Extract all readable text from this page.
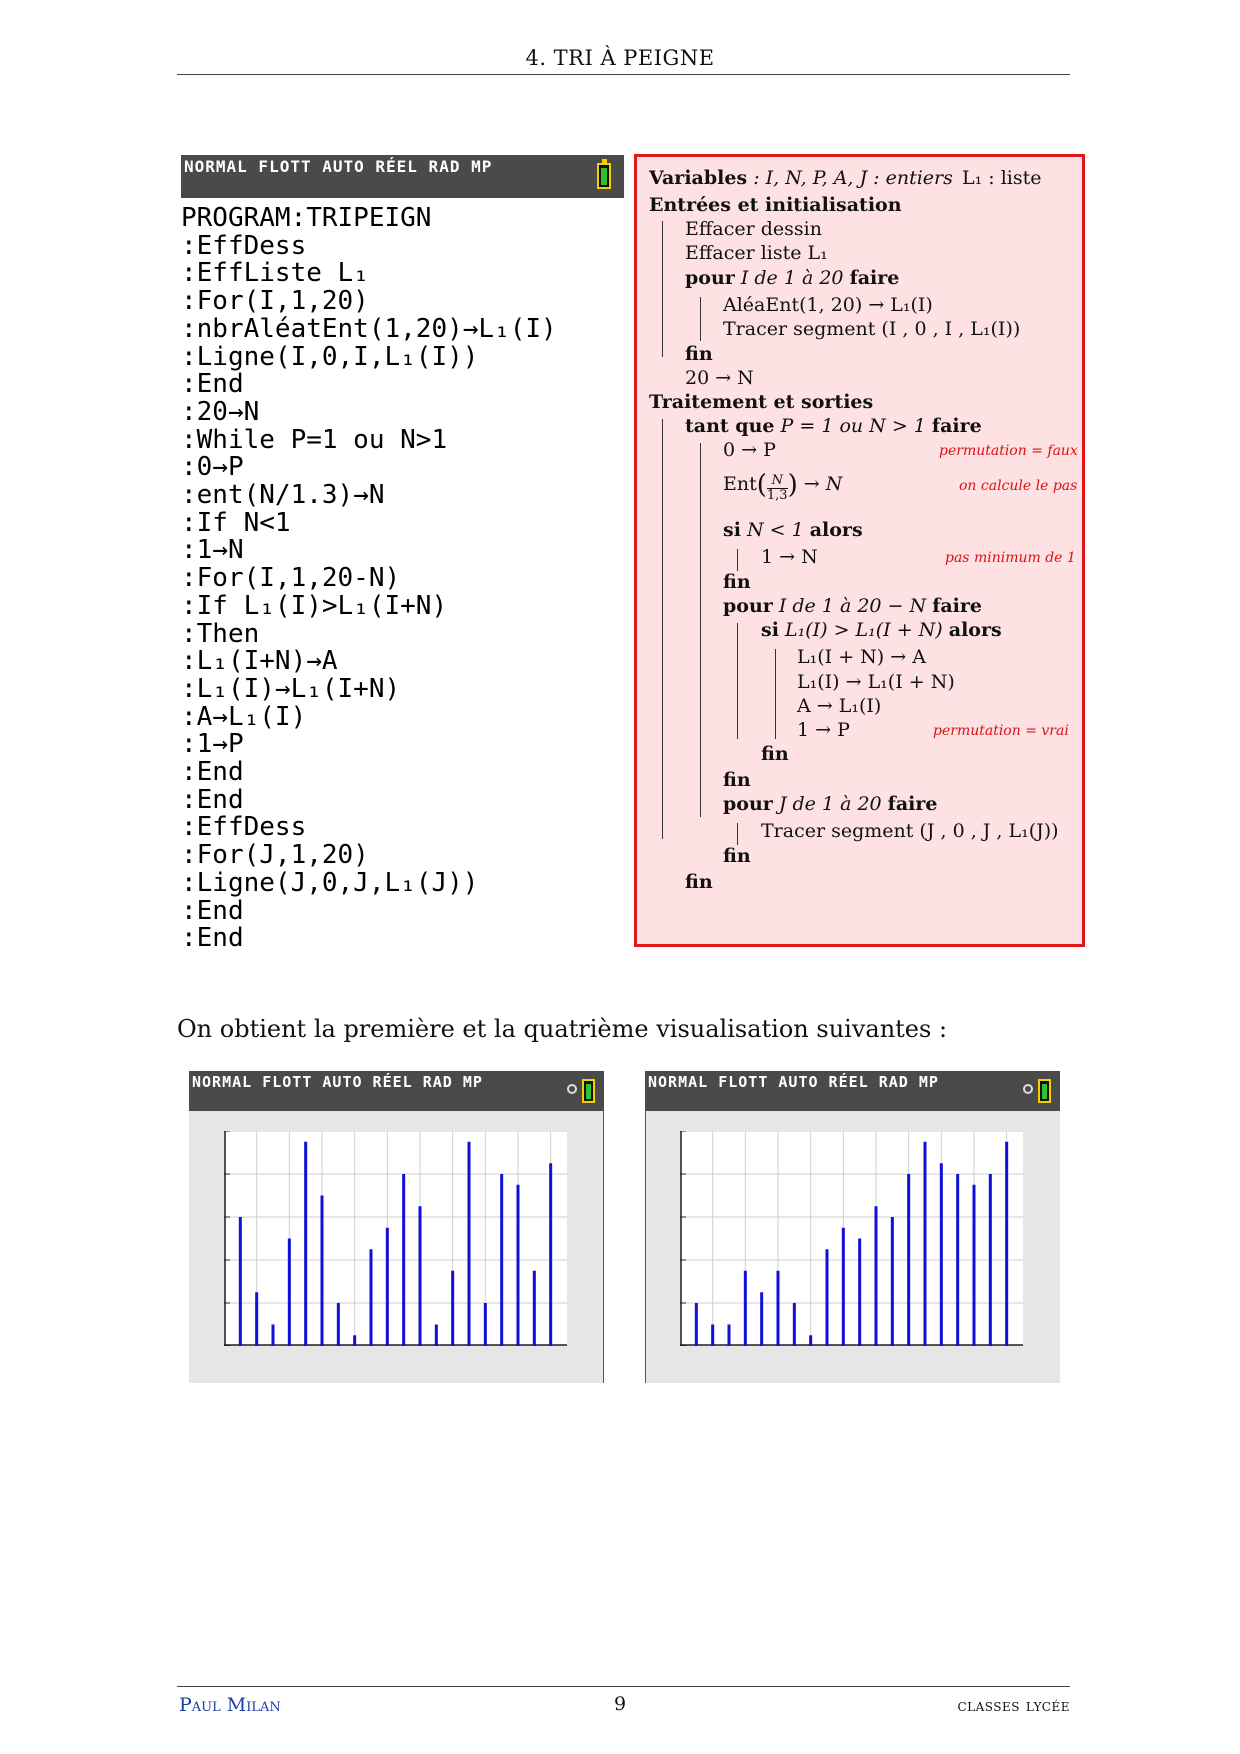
4. TRI À PEIGNE
NORMAL FLOTT AUTO RÉEL RAD MP
PROGRAM:TRIPEIGN
:EffDess
:EffListe L₁
:For(I,1,20)
:nbrAléatEnt(1,20)→L₁(I)
:Ligne(I,0,I,L₁(I))
:End
:20→N
:While P=1 ou N>1
:0→P
:ent(N/1.3)→N
:If N<1
:1→N
:For(I,1,20-N)
:If L₁(I)>L₁(I+N)
:Then
:L₁(I+N)→A
:L₁(I)→L₁(I+N)
:A→L₁(I)
:1→P
:End
:End
:EffDess
:For(J,1,20)
:Ligne(J,0,J,L₁(J))
:End
:End
Variables : I, N, P, A, J : entiers L₁ : liste
Entrées et initialisation
Effacer dessin
Effacer liste L₁
pour I de 1 à 20 faire
AléaEnt(1, 20) → L₁(I)
Tracer segment (I , 0 , I , L₁(I))
fin
20 → N
Traitement et sorties
tant que P = 1 ou N > 1 faire
0 → P	permutation = faux
$Ent( \frac{N}{1,3}$ ) → N	on calcule le pas
si N < 1 alors
1 → N	pas minimum de 1
fin
pour I de 1 à 20 − N faire
si L₁(I) > L₁(I + N) alors
L₁(I + N) → A
L₁(I) → L₁(I + N)
A → L₁(I)
1 → P	permutation = vrai
fin
fin
pour J de 1 à 20 faire
Tracer segment (J , 0 , J , L₁(J))
fin
fin
On obtient la première et la quatrième visualisation suivantes :
NORMAL FLOTT AUTO RÉEL RAD MP	NORMAL FLOTT AUTO RÉEL RAD MP
Paul Milan	9	classes lycée
